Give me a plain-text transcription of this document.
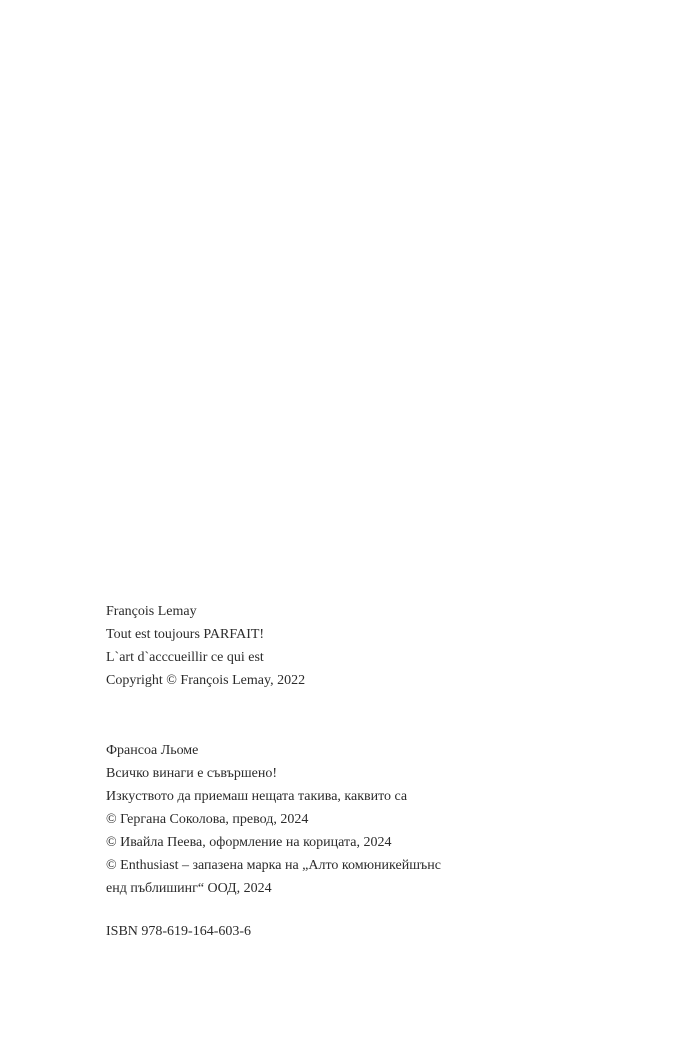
François Lemay
Tout est toujours PARFAIT!
L`art d`acccueillir ce qui est
Copyright © François Lemay, 2022
Франсоа Льоме
Всичко винаги е съвършено!
Изкуството да приемаш нещата такива, каквито са
© Гергана Соколова, превод, 2024
© Ивайла Пеева, оформление на корицата, 2024
© Enthusiast – запазена марка на „Алто комюникейшънс
енд пъблишинг“ ООД, 2024
ISBN 978-619-164-603-6
